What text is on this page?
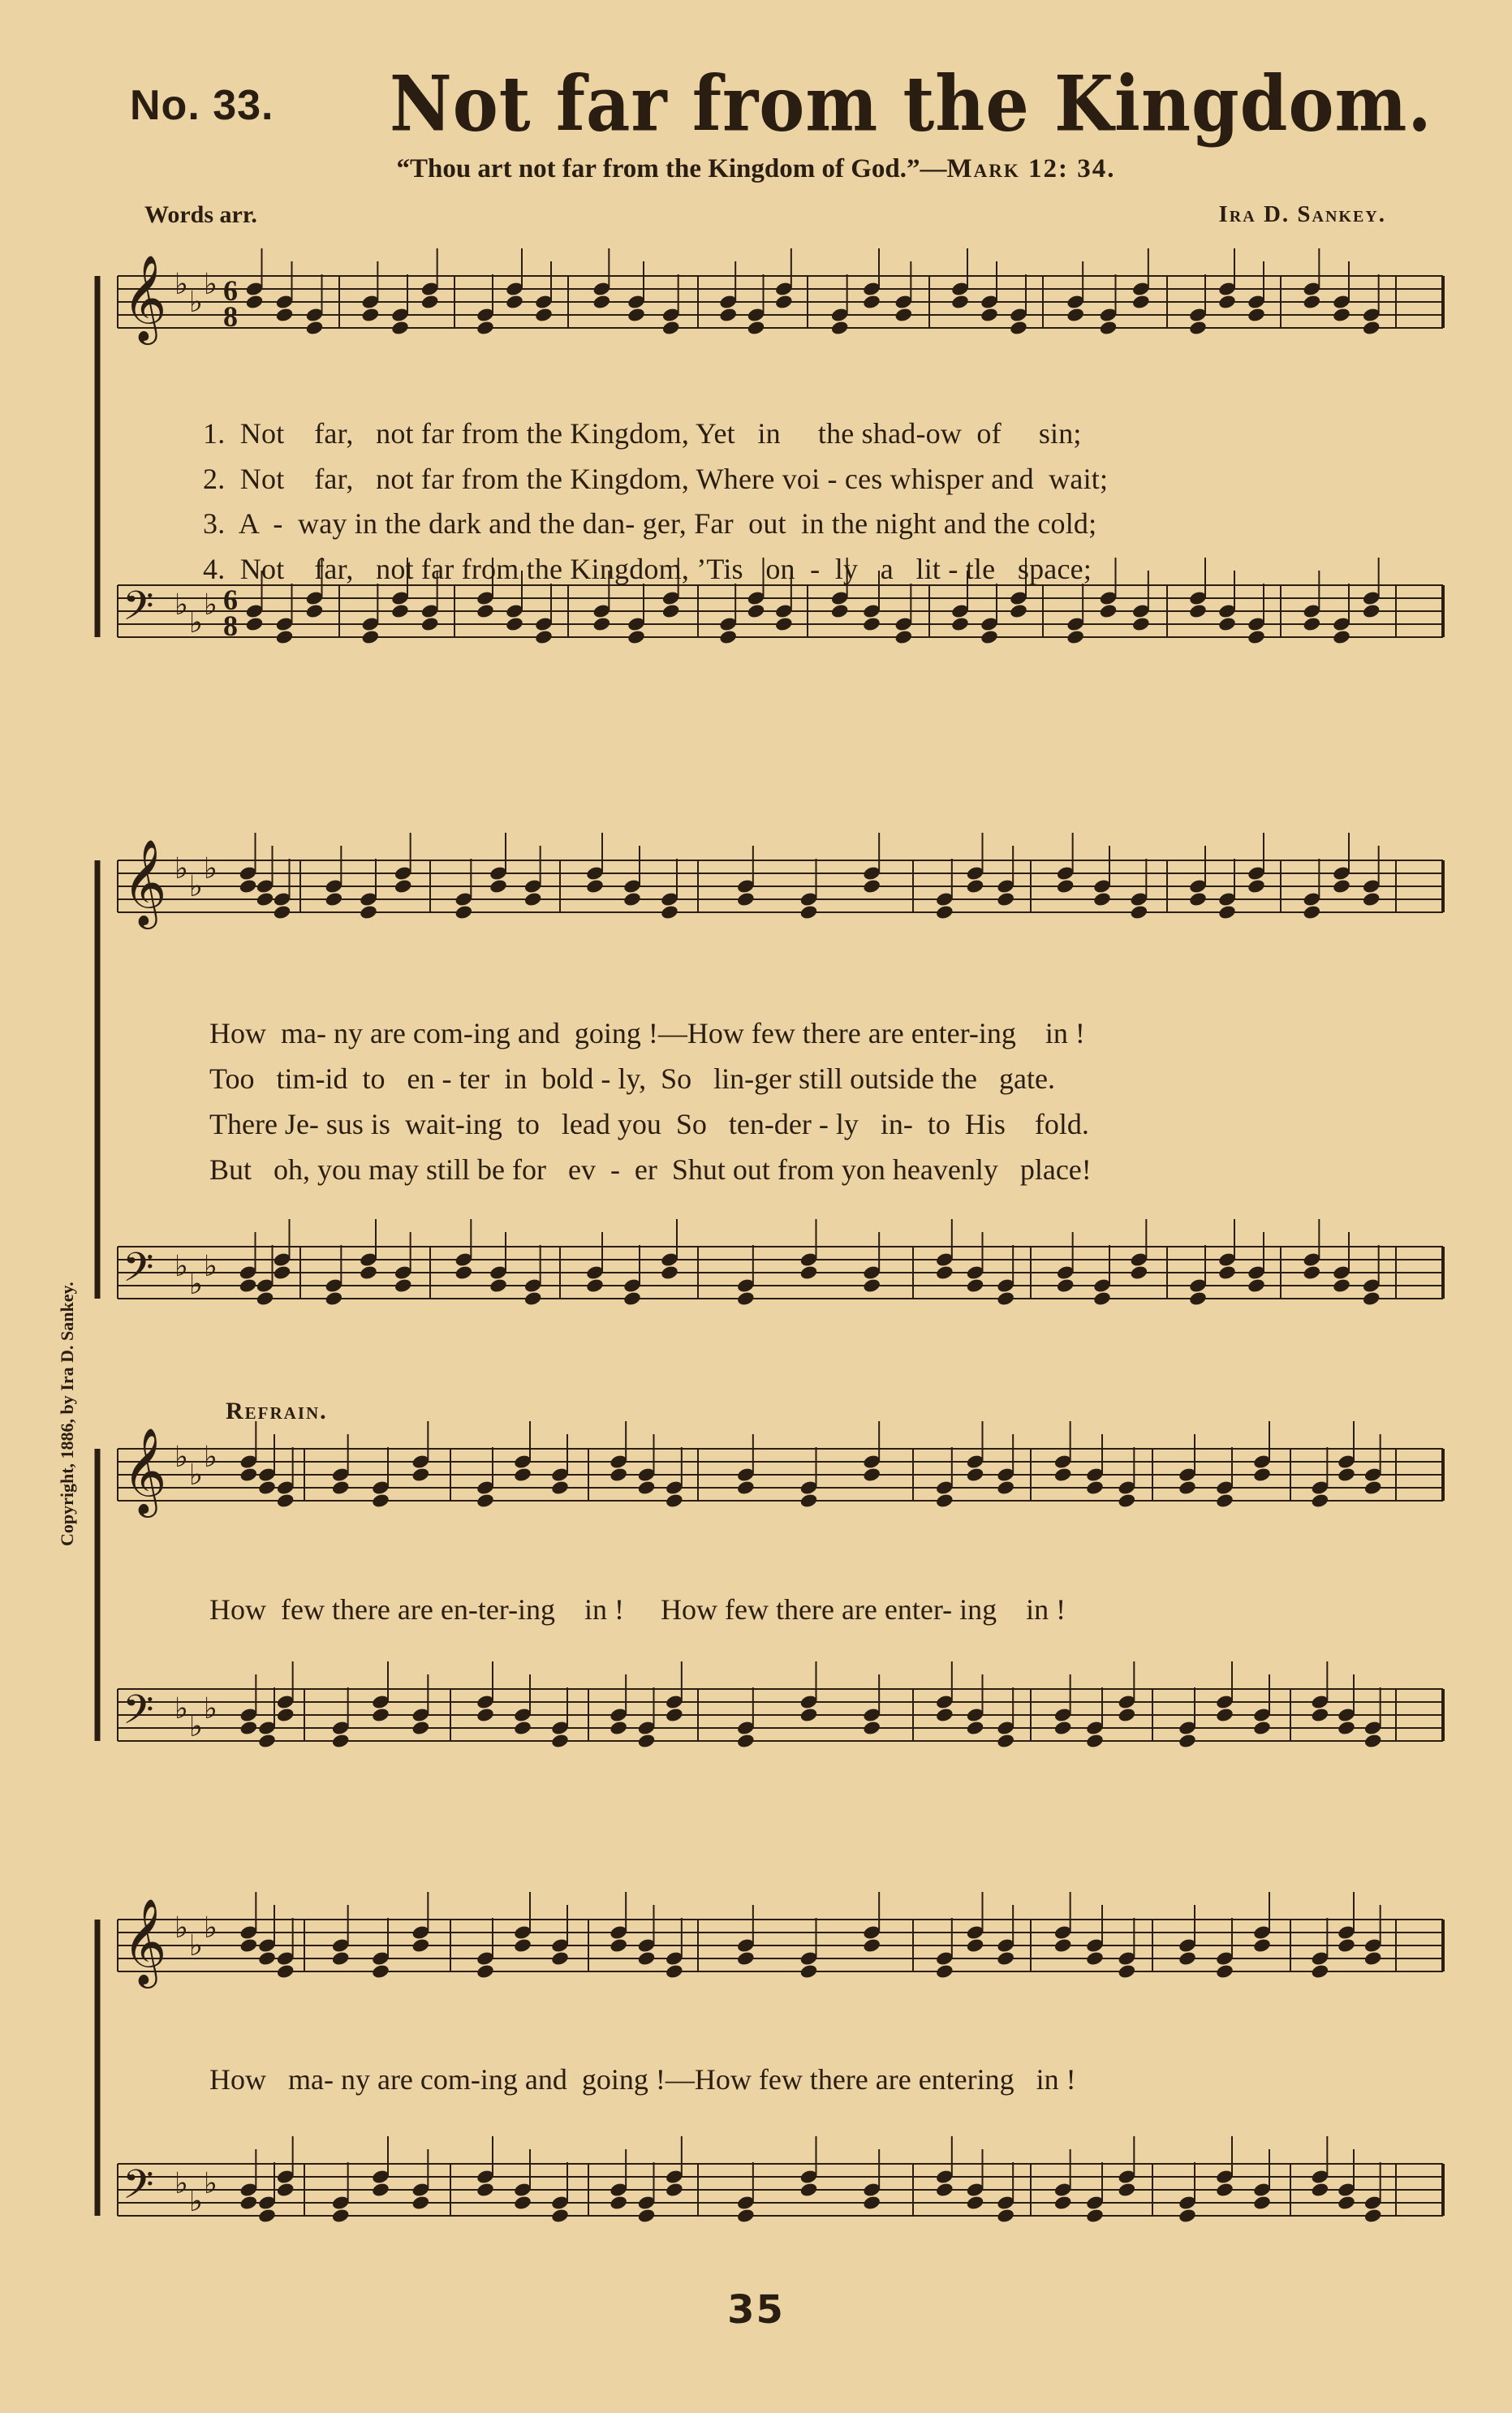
No. 33. Not far from the Kingdom.
“Thou art not far from the Kingdom of God.”—Mark 12: 34.
Words arr.	Ira D. Sankey.
𝄞 ♭
♭
♭
𝄢 ♭
♭
♭
6
8
6
8
𝄞 ♭
♭
♭
𝄢 ♭
♭
♭
𝄞 ♭
♭
♭
𝄢 ♭
♭
♭
𝄞 ♭
♭
♭
𝄢 ♭
♭
♭
1.  Not    far,   not far from the Kingdom, Yet   in     the shad-ow  of     sin;
2.  Not    far,   not far from the Kingdom, Where voi - ces whisper and  wait;
3.  A  -  way in the dark and the dan- ger, Far  out  in the night and the cold;
4.  Not    far,   not far from the Kingdom, ’Tis   on  -  ly   a   lit - tle   space;
How  ma- ny are com-ing and  going !—How few there are enter-ing    in !
Too   tim-id  to   en - ter  in  bold - ly,  So   lin-ger still outside the   gate.
There Je- sus is  wait-ing  to   lead you  So   ten-der - ly   in-  to  His    fold.
But   oh, you may still be for   ev  -  er  Shut out from yon heavenly   place!
Refrain.
How  few there are en-ter-ing    in !     How few there are enter- ing    in !
How   ma- ny are com-ing and  going !—How few there are entering   in !
Copyright, 1886, by Ira D. Sankey.
35
